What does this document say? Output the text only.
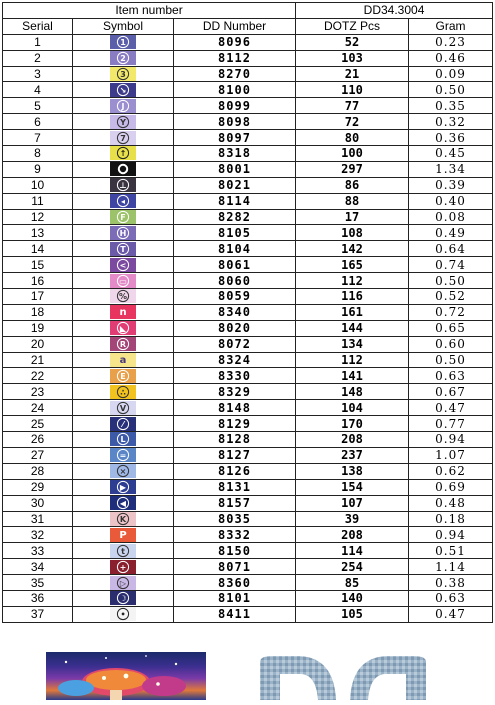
Item number			DD34.3004	
Serial	Symbol	DD Number	DOTZ Pcs	Gram
1	1	8096	52	0.23
2	2	8112	103	0.46
3	3	8270	21	0.09
4	↘	8100	110	0.50
5	J	8099	77	0.35
6	Y	8098	72	0.32
7	7	8097	80	0.36
8	↑	8318	100	0.45
9		8001	297	1.34
10	⊥	8021	86	0.39
11	◂	8114	88	0.40
12	F	8282	17	0.08
13	H	8105	108	0.49
14	T	8104	142	0.64
15	<	8061	165	0.74
16	▭	8060	112	0.50
17	%	8059	116	0.52
18	n	8340	161	0.72
19	◣	8020	144	0.65
20	R	8072	134	0.60
21	a	8324	112	0.50
22	E	8330	141	0.63
23	∴	8329	148	0.67
24	V	8148	104	0.47
25	⁄	8129	170	0.77
26	L	8128	208	0.94
27	=	8127	237	1.07
28	×	8126	138	0.62
29	▶	8131	154	0.69
30	◀	8157	107	0.48
31	K	8035	39	0.18
32	P	8332	208	0.94
33	t	8150	114	0.51
34	+	8071	254	1.14
35	▷	8360	85	0.38
36	☽	8101	140	0.63
37	•	8411	105	0.47
